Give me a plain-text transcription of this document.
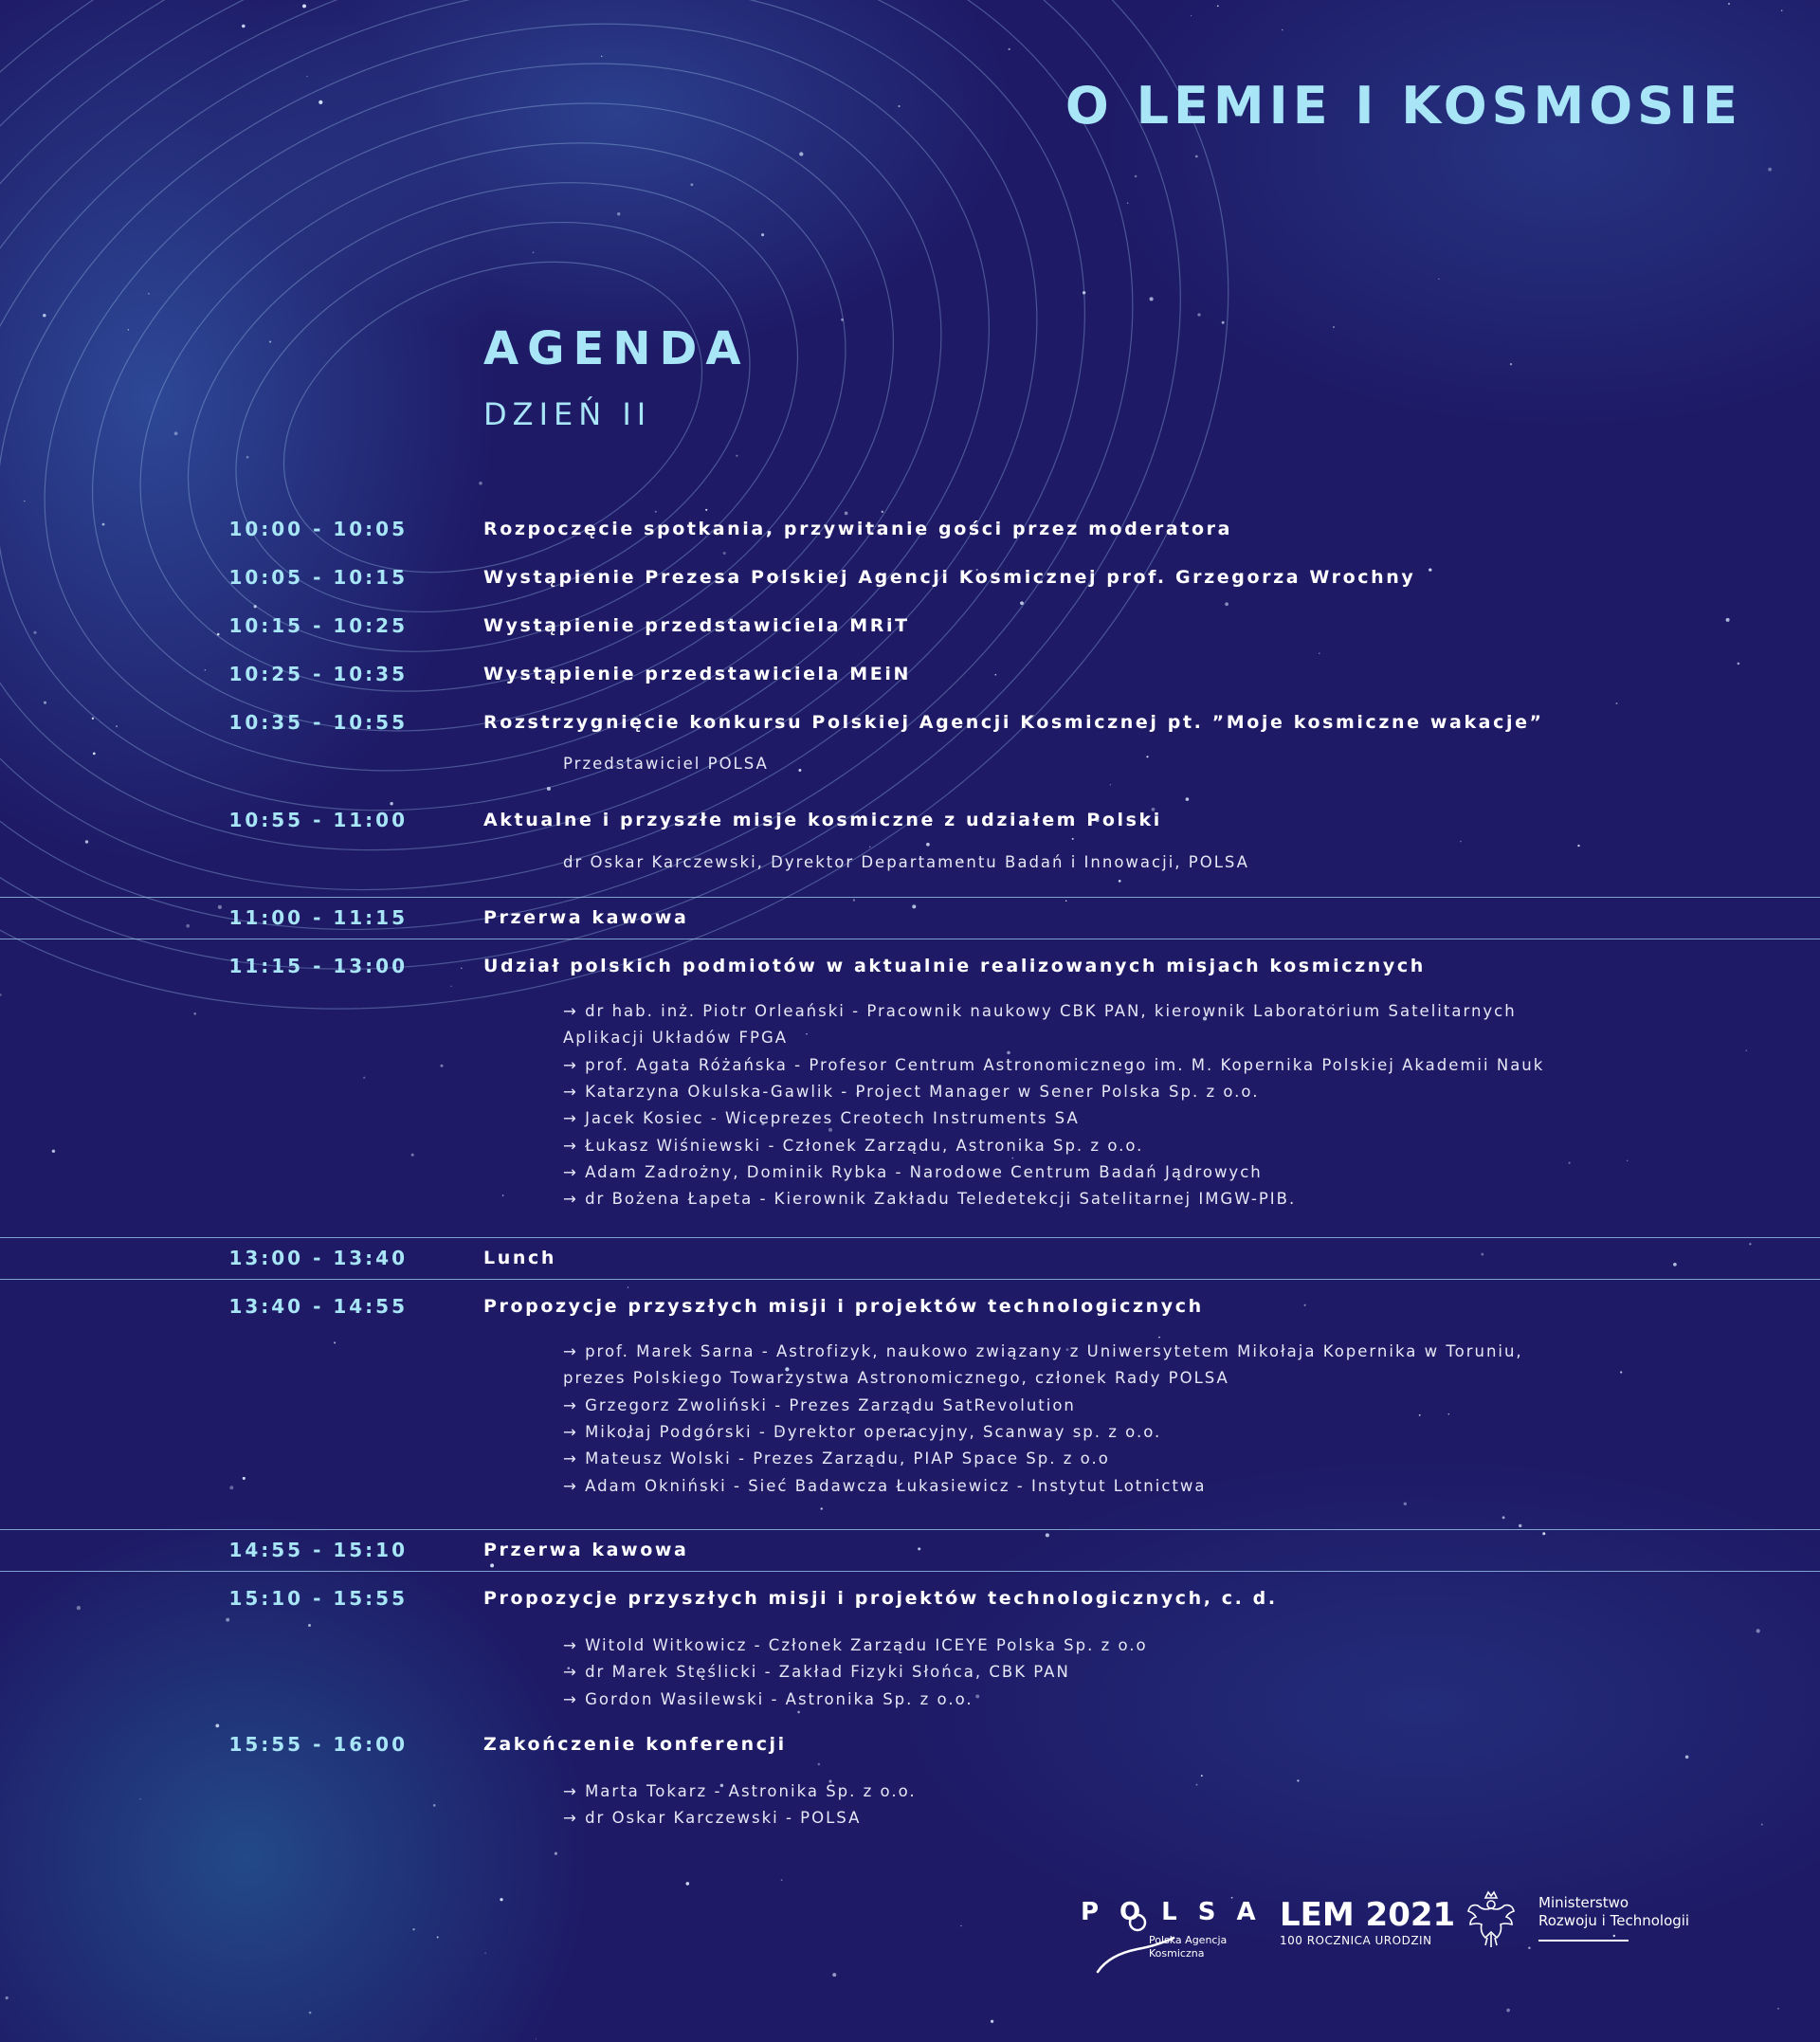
O LEMIE I KOSMOSIE
AGENDA
DZIEŃ II
10:00 - 10:05	Rozpoczęcie spotkania, przywitanie gości przez moderatora
10:05 - 10:15	Wystąpienie Prezesa Polskiej Agencji Kosmicznej prof. Grzegorza Wrochny
10:15 - 10:25	Wystąpienie przedstawiciela MRiT
10:25 - 10:35	Wystąpienie przedstawiciela MEiN
10:35 - 10:55	Rozstrzygnięcie konkursu Polskiej Agencji Kosmicznej pt. ”Moje kosmiczne wakacje”
Przedstawiciel POLSA
10:55 - 11:00	Aktualne i przyszłe misje kosmiczne z udziałem Polski
dr Oskar Karczewski, Dyrektor Departamentu Badań i Innowacji, POLSA
11:00 - 11:15	Przerwa kawowa
11:15 - 13:00	Udział polskich podmiotów w aktualnie realizowanych misjach kosmicznych
→ dr hab. inż. Piotr Orleański - Pracownik naukowy CBK PAN, kierownik Laboratorium Satelitarnych
Aplikacji Układów FPGA
→ prof. Agata Różańska - Profesor Centrum Astronomicznego im. M. Kopernika Polskiej Akademii Nauk
→ Katarzyna Okulska-Gawlik - Project Manager w Sener Polska Sp. z o.o.
→ Jacek Kosiec - Wiceprezes Creotech Instruments SA
→ Łukasz Wiśniewski - Członek Zarządu, Astronika Sp. z o.o.
→ Adam Zadrożny, Dominik Rybka - Narodowe Centrum Badań Jądrowych
→ dr Bożena Łapeta - Kierownik Zakładu Teledetekcji Satelitarnej IMGW-PIB.
13:00 - 13:40	Lunch
13:40 - 14:55	Propozycje przyszłych misji i projektów technologicznych
→ prof. Marek Sarna - Astrofizyk, naukowo związany z Uniwersytetem Mikołaja Kopernika w Toruniu,
prezes Polskiego Towarzystwa Astronomicznego, członek Rady POLSA
→ Grzegorz Zwoliński - Prezes Zarządu SatRevolution
→ Mikołaj Podgórski - Dyrektor operacyjny, Scanway sp. z o.o.
→ Mateusz Wolski - Prezes Zarządu, PIAP Space Sp. z o.o
→ Adam Okniński - Sieć Badawcza Łukasiewicz - Instytut Lotnictwa
14:55 - 15:10	Przerwa kawowa
15:10 - 15:55	Propozycje przyszłych misji i projektów technologicznych, c. d.
→ Witold Witkowicz - Członek Zarządu ICEYE Polska Sp. z o.o
→ dr Marek Stęślicki - Zakład Fizyki Słońca, CBK PAN
→ Gordon Wasilewski - Astronika Sp. z o.o.
15:55 - 16:00	Zakończenie konferencji
→ Marta Tokarz - Astronika Sp. z o.o.
→ dr Oskar Karczewski - POLSA
POLSA
Polska Agencja
Kosmiczna
LEM 2021
100 ROCZNICA URODZIN
Ministerstwo
Rozwoju i Technologii
